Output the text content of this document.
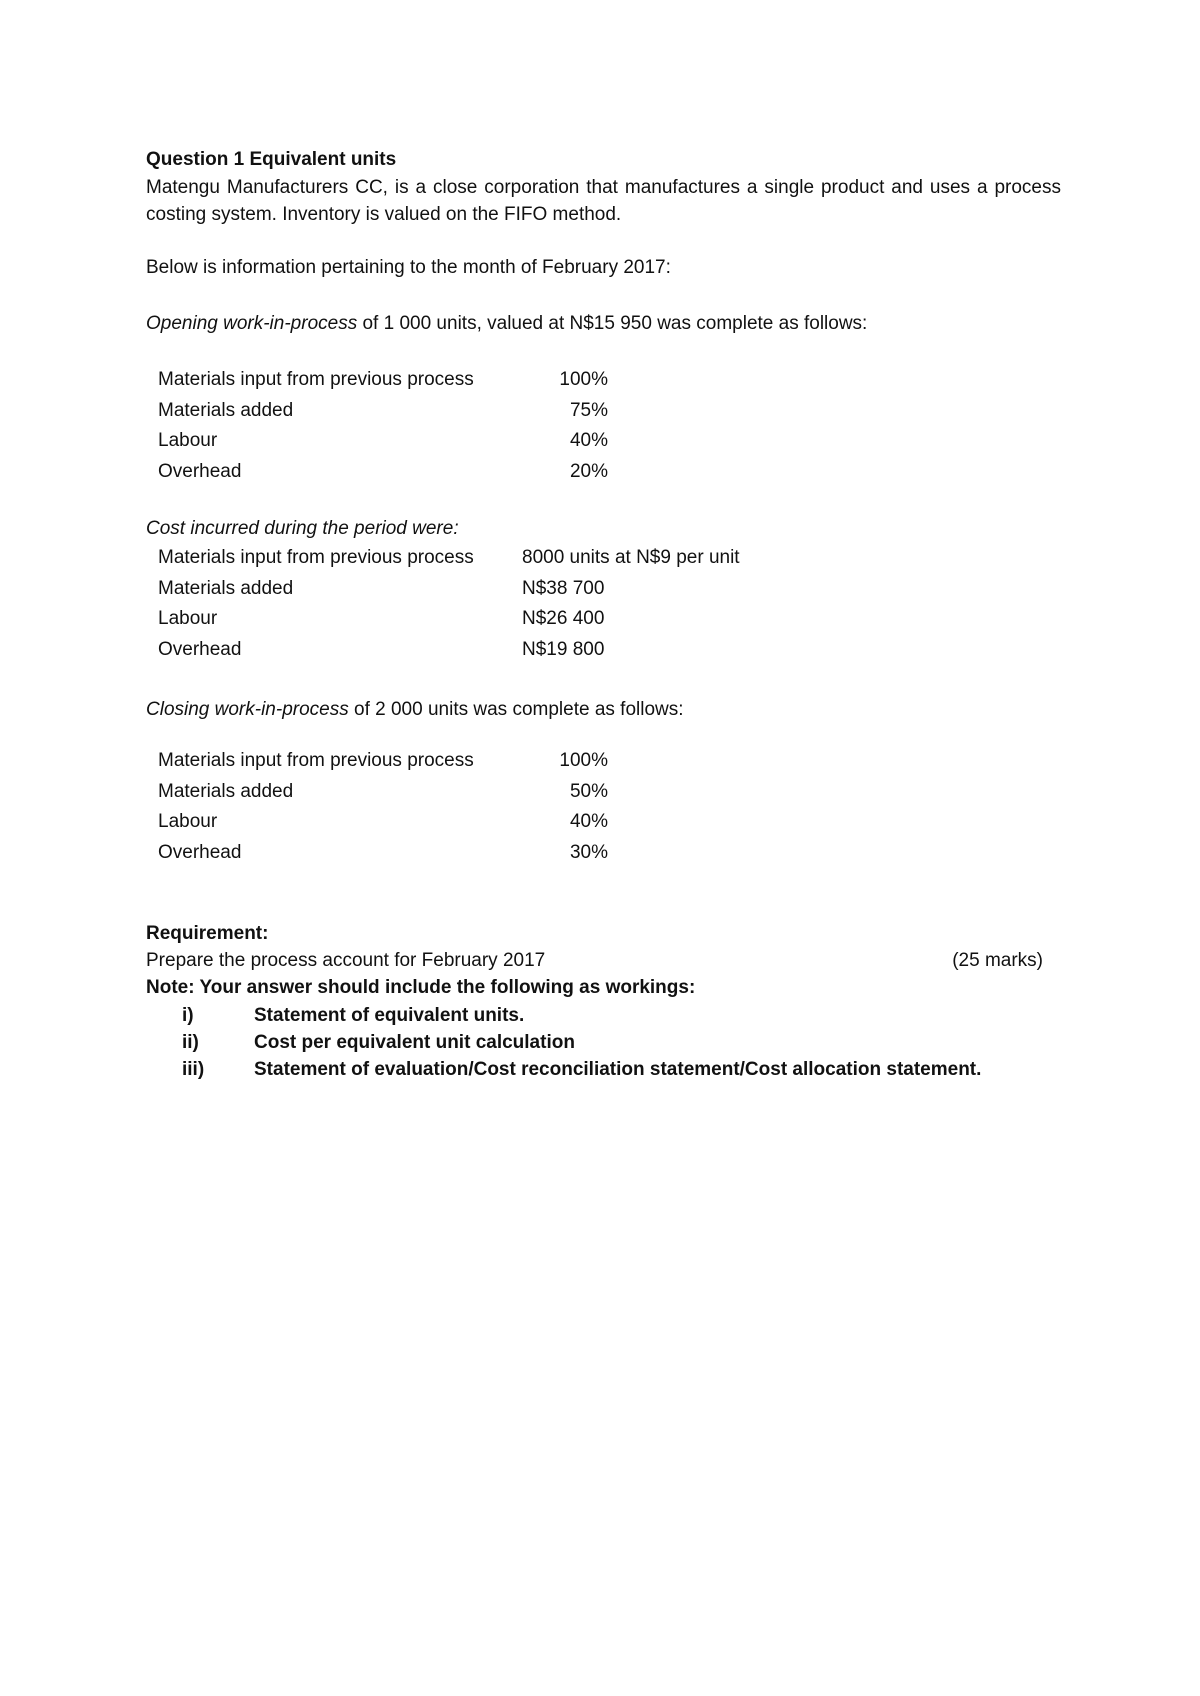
Question 1 Equivalent units
Matengu Manufacturers CC, is a close corporation that manufactures a single product and uses a process costing system. Inventory is valued on the FIFO method.
Below is information pertaining to the month of February 2017:
Opening work-in-process of 1 000 units, valued at N$15 950 was complete as follows:
Materials input from previous process	100%
Materials added	75%
Labour	40%
Overhead	20%
Cost incurred during the period were:
Materials input from previous process	8000 units at N$9 per unit
Materials added	N$38 700
Labour	N$26 400
Overhead	N$19 800
Closing work-in-process of 2 000 units was complete as follows:
Materials input from previous process	100%
Materials added	50%
Labour	40%
Overhead	30%
Requirement:
Prepare the process account for February 2017	(25 marks)
Note: Your answer should include the following as workings:
i)	Statement of equivalent units.
ii)	Cost per equivalent unit calculation
iii)	Statement of evaluation/Cost reconciliation statement/Cost allocation statement.
